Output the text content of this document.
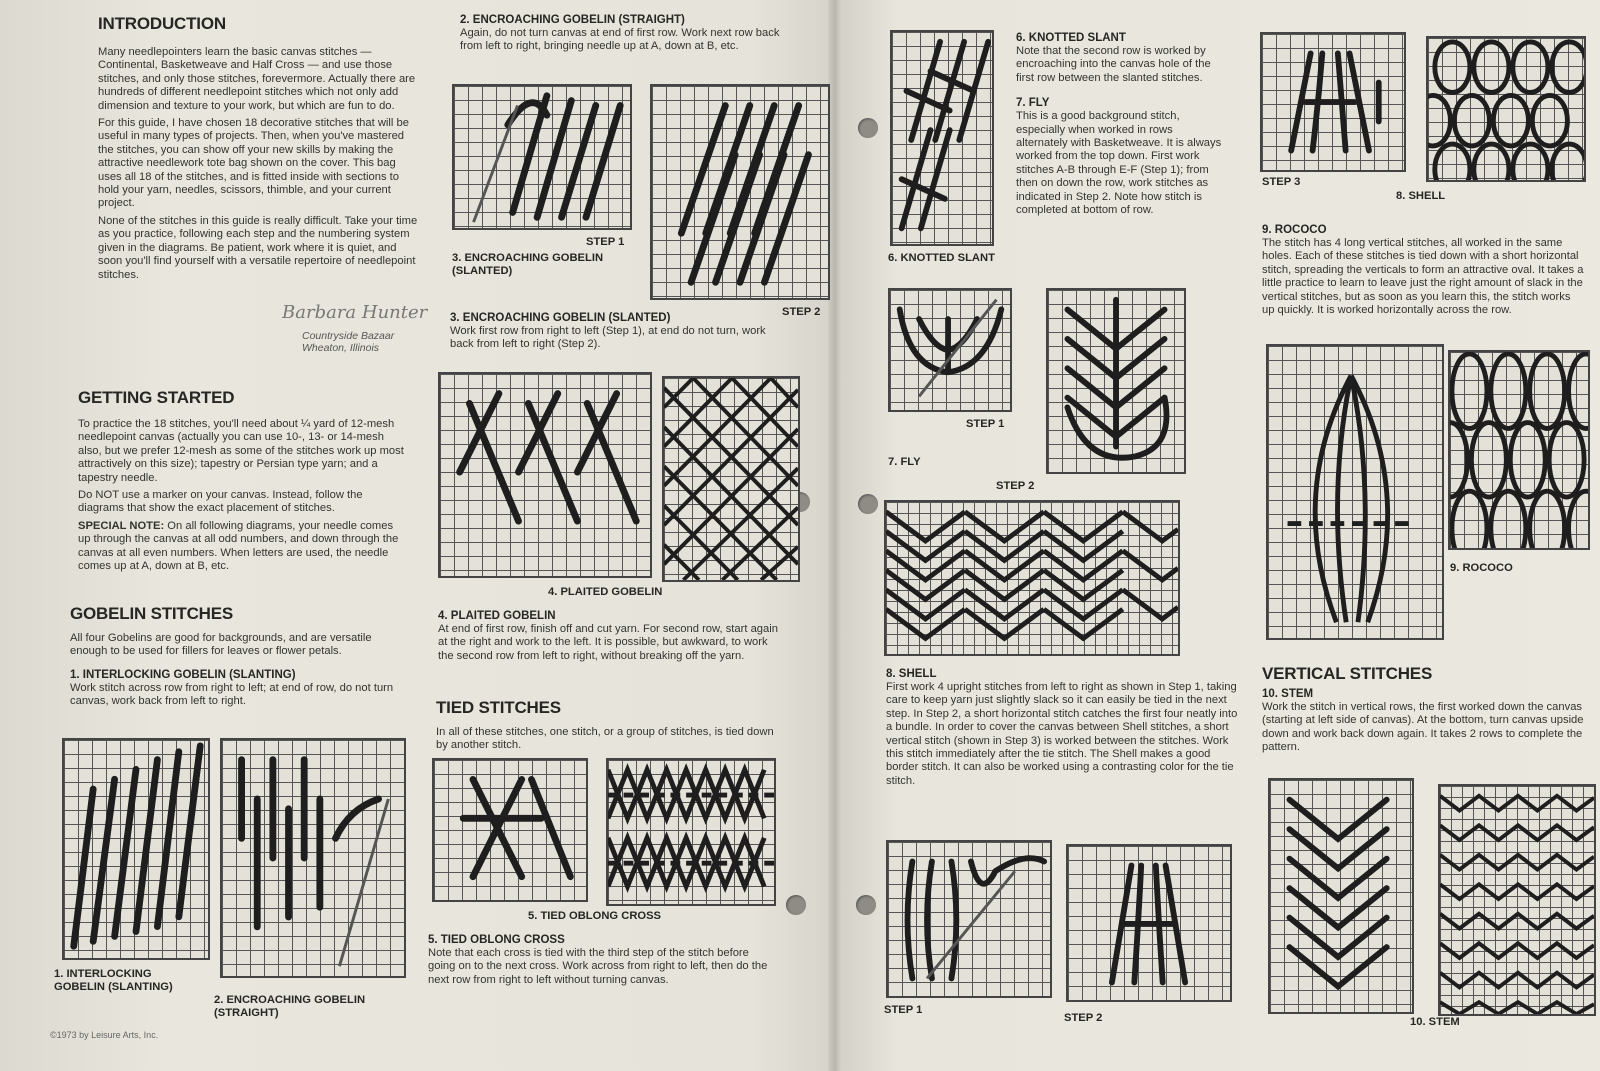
INTRODUCTION

Many needlepointers learn the basic canvas stitches — Continental, Basketweave and Half Cross — and use those stitches, and only those stitches, forevermore. Actually there are hundreds of different needlepoint stitches which not only add dimension and texture to your work, but which are fun to do.

For this guide, I have chosen 18 decorative stitches that will be useful in many types of projects. Then, when you've mastered the stitches, you can show off your new skills by making the attractive needlework tote bag shown on the cover. This bag uses all 18 of the stitches, and is fitted inside with sections to hold your yarn, needles, scissors, thimble, and your current project.

None of the stitches in this guide is really difficult. Take your time as you practice, following each step and the numbering system given in the diagrams. Be patient, work where it is quiet, and soon you'll find yourself with a versatile repertoire of needlepoint stitches.

Barbara Hunter
Countryside Bazaar
Wheaton, Illinois
GETTING STARTED

To practice the 18 stitches, you'll need about ¼ yard of 12-mesh needlepoint canvas (actually you can use 10-, 13- or 14-mesh also, but we prefer 12-mesh as some of the stitches work up most attractively on this size); tapestry or Persian type yarn; and a tapestry needle.

Do NOT use a marker on your canvas. Instead, follow the diagrams that show the exact placement of stitches.

SPECIAL NOTE: On all following diagrams, your needle comes up through the canvas at all odd numbers, and down through the canvas at all even numbers. When letters are used, the needle comes up at A, down at B, etc.

GOBELIN STITCHES

All four Gobelins are good for backgrounds, and are versatile enough to be used for fillers for leaves or flower petals.

1. INTERLOCKING GOBELIN (SLANTING)

Work stitch across row from right to left; at end of row, do not turn canvas, work back from left to right.

1. INTERLOCKING
GOBELIN (SLANTING)
2. ENCROACHING GOBELIN
(STRAIGHT)
©1973 by Leisure Arts, Inc.
2. ENCROACHING GOBELIN (STRAIGHT)

Again, do not turn canvas at end of first row. Work next row back from left to right, bringing needle up at A, down at B, etc.

STEP 1
STEP 2
3. ENCROACHING GOBELIN
(SLANTED)
3. ENCROACHING GOBELIN (SLANTED)

Work first row from right to left (Step 1), at end do not turn, work back from left to right (Step 2).

4. PLAITED GOBELIN
4. PLAITED GOBELIN

At end of first row, finish off and cut yarn. For second row, start again at the right and work to the left. It is possible, but awkward, to work the second row from left to right, without breaking off the yarn.

TIED STITCHES

In all of these stitches, one stitch, or a group of stitches, is tied down by another stitch.

5. TIED OBLONG CROSS
5. TIED OBLONG CROSS

Note that each cross is tied with the third step of the stitch before going on to the next cross. Work across from right to left, then do the next row from right to left without turning canvas.

6. KNOTTED SLANT
6. KNOTTED SLANT

Note that the second row is worked by encroaching into the canvas hole of the first row between the slanted stitches.

7. FLY

This is a good background stitch, especially when worked in rows alternately with Basketweave. It is always worked from the top down. First work stitches A-B through E-F (Step 1); from then on down the row, work stitches as indicated in Step 2. Note how stitch is completed at bottom of row.

STEP 1
7. FLY
STEP 2
8. SHELL

First work 4 upright stitches from left to right as shown in Step 1, taking care to keep yarn just slightly slack so it can easily be tied in the next step. In Step 2, a short horizontal stitch catches the first four neatly into a bundle. In order to cover the canvas between Shell stitches, a short vertical stitch (shown in Step 3) is worked between the stitches. Work this stitch immediately after the tie stitch. The Shell makes a good border stitch. It can also be worked using a contrasting color for the tie stitch.

STEP 1
STEP 2
STEP 3
8. SHELL
9. ROCOCO

The stitch has 4 long vertical stitches, all worked in the same holes. Each of these stitches is tied down with a short horizontal stitch, spreading the verticals to form an attractive oval. It takes a little practice to learn to leave just the right amount of slack in the vertical stitches, but as soon as you learn this, the stitch works up quickly. It is worked horizontally across the row.

9. ROCOCO
VERTICAL STITCHES
10. STEM

Work the stitch in vertical rows, the first worked down the canvas (starting at left side of canvas). At the bottom, turn canvas upside down and work back down again. It takes 2 rows to complete the pattern.

10. STEM
